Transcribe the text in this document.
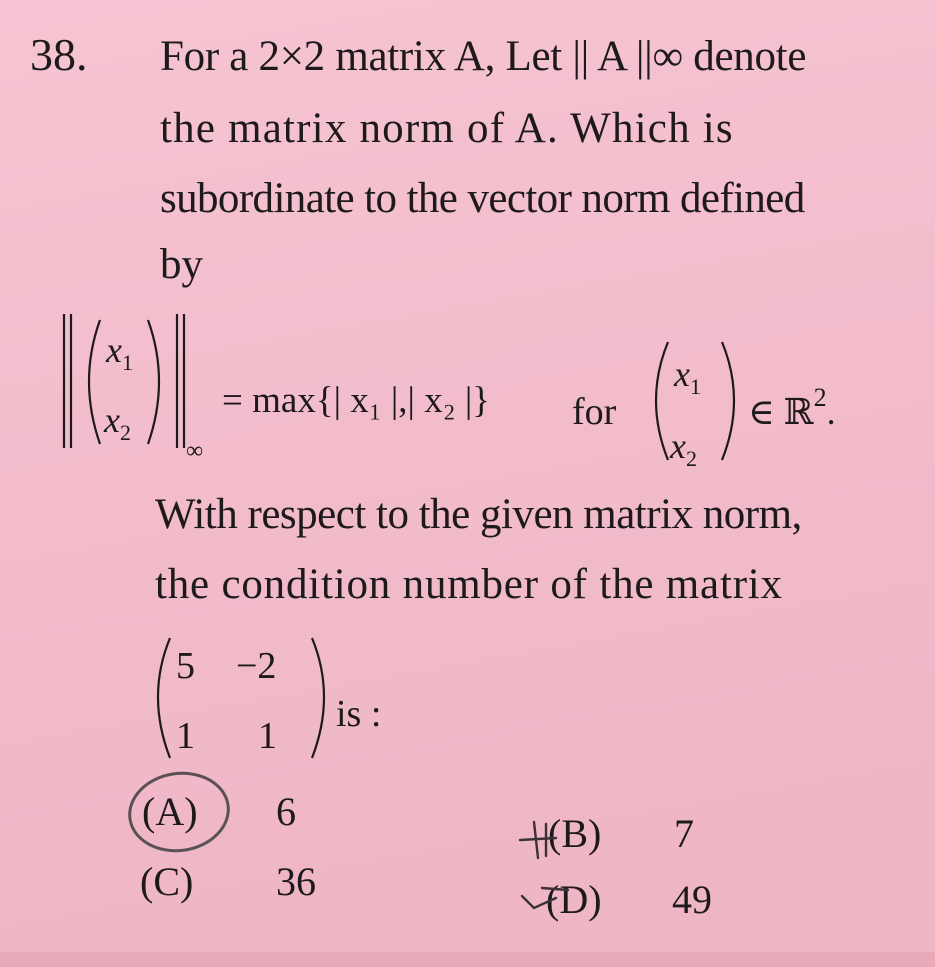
38. For a 2×2 matrix A, Let || A ||∞ denote
the matrix norm of A. Which is
subordinate to the vector norm defined
by
$x_1$
$x_2$
∞
= max{| x₁ |,| x₂ |} for
$x_1$
$x_2$
∈ ℝ$^2$.
With respect to the given matrix norm,
the condition number of the matrix
5 −2
1 1
is :
(A) 6
(C) 36
(B) 7
(D) 49
